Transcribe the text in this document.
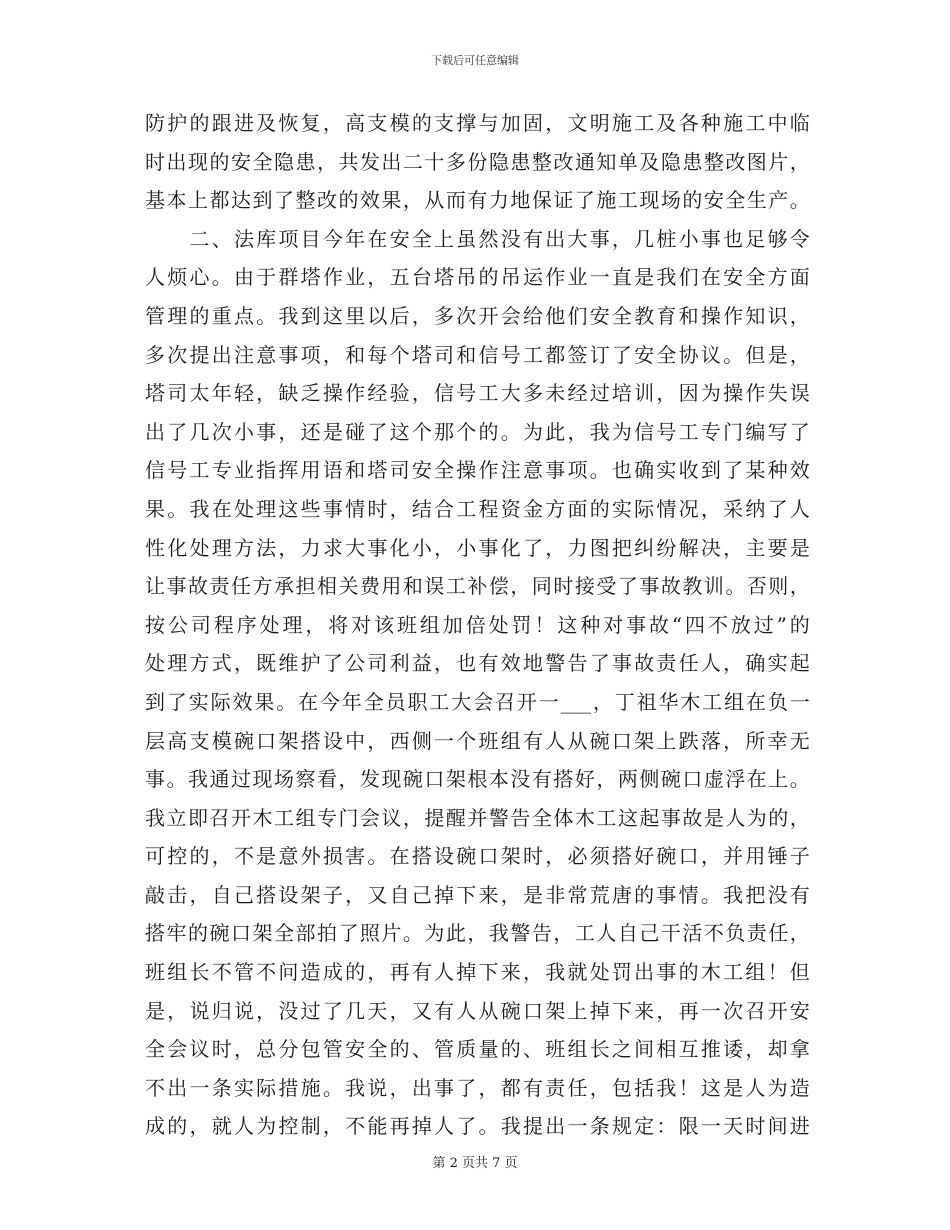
下载后可任意编辑
防护的跟进及恢复，高支模的支撑与加固，文明施工及各种施工中临
时出现的安全隐患，共发出二十多份隐患整改通知单及隐患整改图片，
基本上都达到了整改的效果，从而有力地保证了施工现场的安全生产。
　　二、法库项目今年在安全上虽然没有出大事，几桩小事也足够令
人烦心。由于群塔作业，五台塔吊的吊运作业一直是我们在安全方面
管理的重点。我到这里以后，多次开会给他们安全教育和操作知识，
多次提出注意事项，和每个塔司和信号工都签订了安全协议。但是，
塔司太年轻，缺乏操作经验，信号工大多未经过培训，因为操作失误
出了几次小事，还是碰了这个那个的。为此，我为信号工专门编写了
信号工专业指挥用语和塔司安全操作注意事项。也确实收到了某种效
果。我在处理这些事情时，结合工程资金方面的实际情况，采纳了人
性化处理方法，力求大事化小，小事化了，力图把纠纷解决，主要是
让事故责任方承担相关费用和误工补偿，同时接受了事故教训。否则，
按公司程序处理，将对该班组加倍处罚！这种对事故“四不放过”的
处理方式，既维护了公司利益，也有效地警告了事故责任人，确实起
到了实际效果。在今年全员职工大会召开一___，丁祖华木工组在负一
层高支模碗口架搭设中，西侧一个班组有人从碗口架上跌落，所幸无
事。我通过现场察看，发现碗口架根本没有搭好，两侧碗口虚浮在上。
我立即召开木工组专门会议，提醒并警告全体木工这起事故是人为的，
可控的，不是意外损害。在搭设碗口架时，必须搭好碗口，并用锤子
敲击，自己搭设架子，又自己掉下来，是非常荒唐的事情。我把没有
搭牢的碗口架全部拍了照片。为此，我警告，工人自己干活不负责任，
班组长不管不问造成的，再有人掉下来，我就处罚出事的木工组！但
是，说归说，没过了几天，又有人从碗口架上掉下来，再一次召开安
全会议时，总分包管安全的、管质量的、班组长之间相互推诿，却拿
不出一条实际措施。我说，出事了，都有责任，包括我！这是人为造
成的，就人为控制，不能再掉人了。我提出一条规定：限一天时间进
第 2 页共 7 页
